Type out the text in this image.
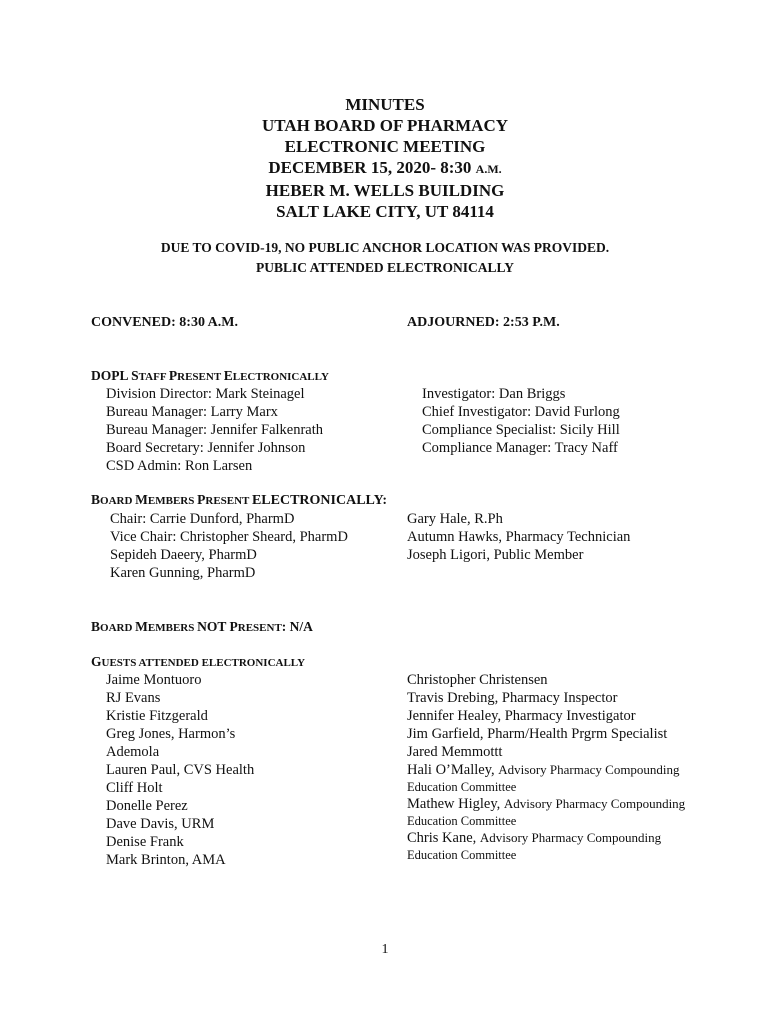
MINUTES
UTAH BOARD OF PHARMACY
ELECTRONIC MEETING
DECEMBER 15, 2020- 8:30 A.M.
HEBER M. WELLS BUILDING
SALT LAKE CITY, UT 84114
DUE TO COVID-19, NO PUBLIC ANCHOR LOCATION WAS PROVIDED.
PUBLIC ATTENDED ELECTRONICALLY
CONVENED: 8:30 A.M.	ADJOURNED: 2:53 P.M.
DOPL STAFF PRESENT ELECTRONICALLY
Division Director: Mark Steinagel
Bureau Manager: Larry Marx
Bureau Manager: Jennifer Falkenrath
Board Secretary: Jennifer Johnson
CSD Admin: Ron Larsen
Investigator: Dan Briggs
Chief Investigator: David Furlong
Compliance Specialist: Sicily Hill
Compliance Manager: Tracy Naff
BOARD MEMBERS PRESENT ELECTRONICALLY:
Chair: Carrie Dunford, PharmD
Vice Chair: Christopher Sheard, PharmD
Sepideh Daeery, PharmD
Karen Gunning, PharmD
Gary Hale, R.Ph
Autumn Hawks, Pharmacy Technician
Joseph Ligori, Public Member
BOARD MEMBERS NOT PRESENT: N/A
GUESTS ATTENDED ELECTRONICALLY
Jaime Montuoro
RJ Evans
Kristie Fitzgerald
Greg Jones, Harmon’s
Ademola
Lauren Paul, CVS Health
Cliff Holt
Donelle Perez
Dave Davis, URM
Denise Frank
Mark Brinton, AMA
Christopher Christensen
Travis Drebing, Pharmacy Inspector
Jennifer Healey, Pharmacy Investigator
Jim Garfield, Pharm/Health Prgrm Specialist
Jared Memmottt
Hali O’Malley, Advisory Pharmacy Compounding
Education Committee
Mathew Higley, Advisory Pharmacy Compounding
Education Committee
Chris Kane, Advisory Pharmacy Compounding
Education Committee
1
